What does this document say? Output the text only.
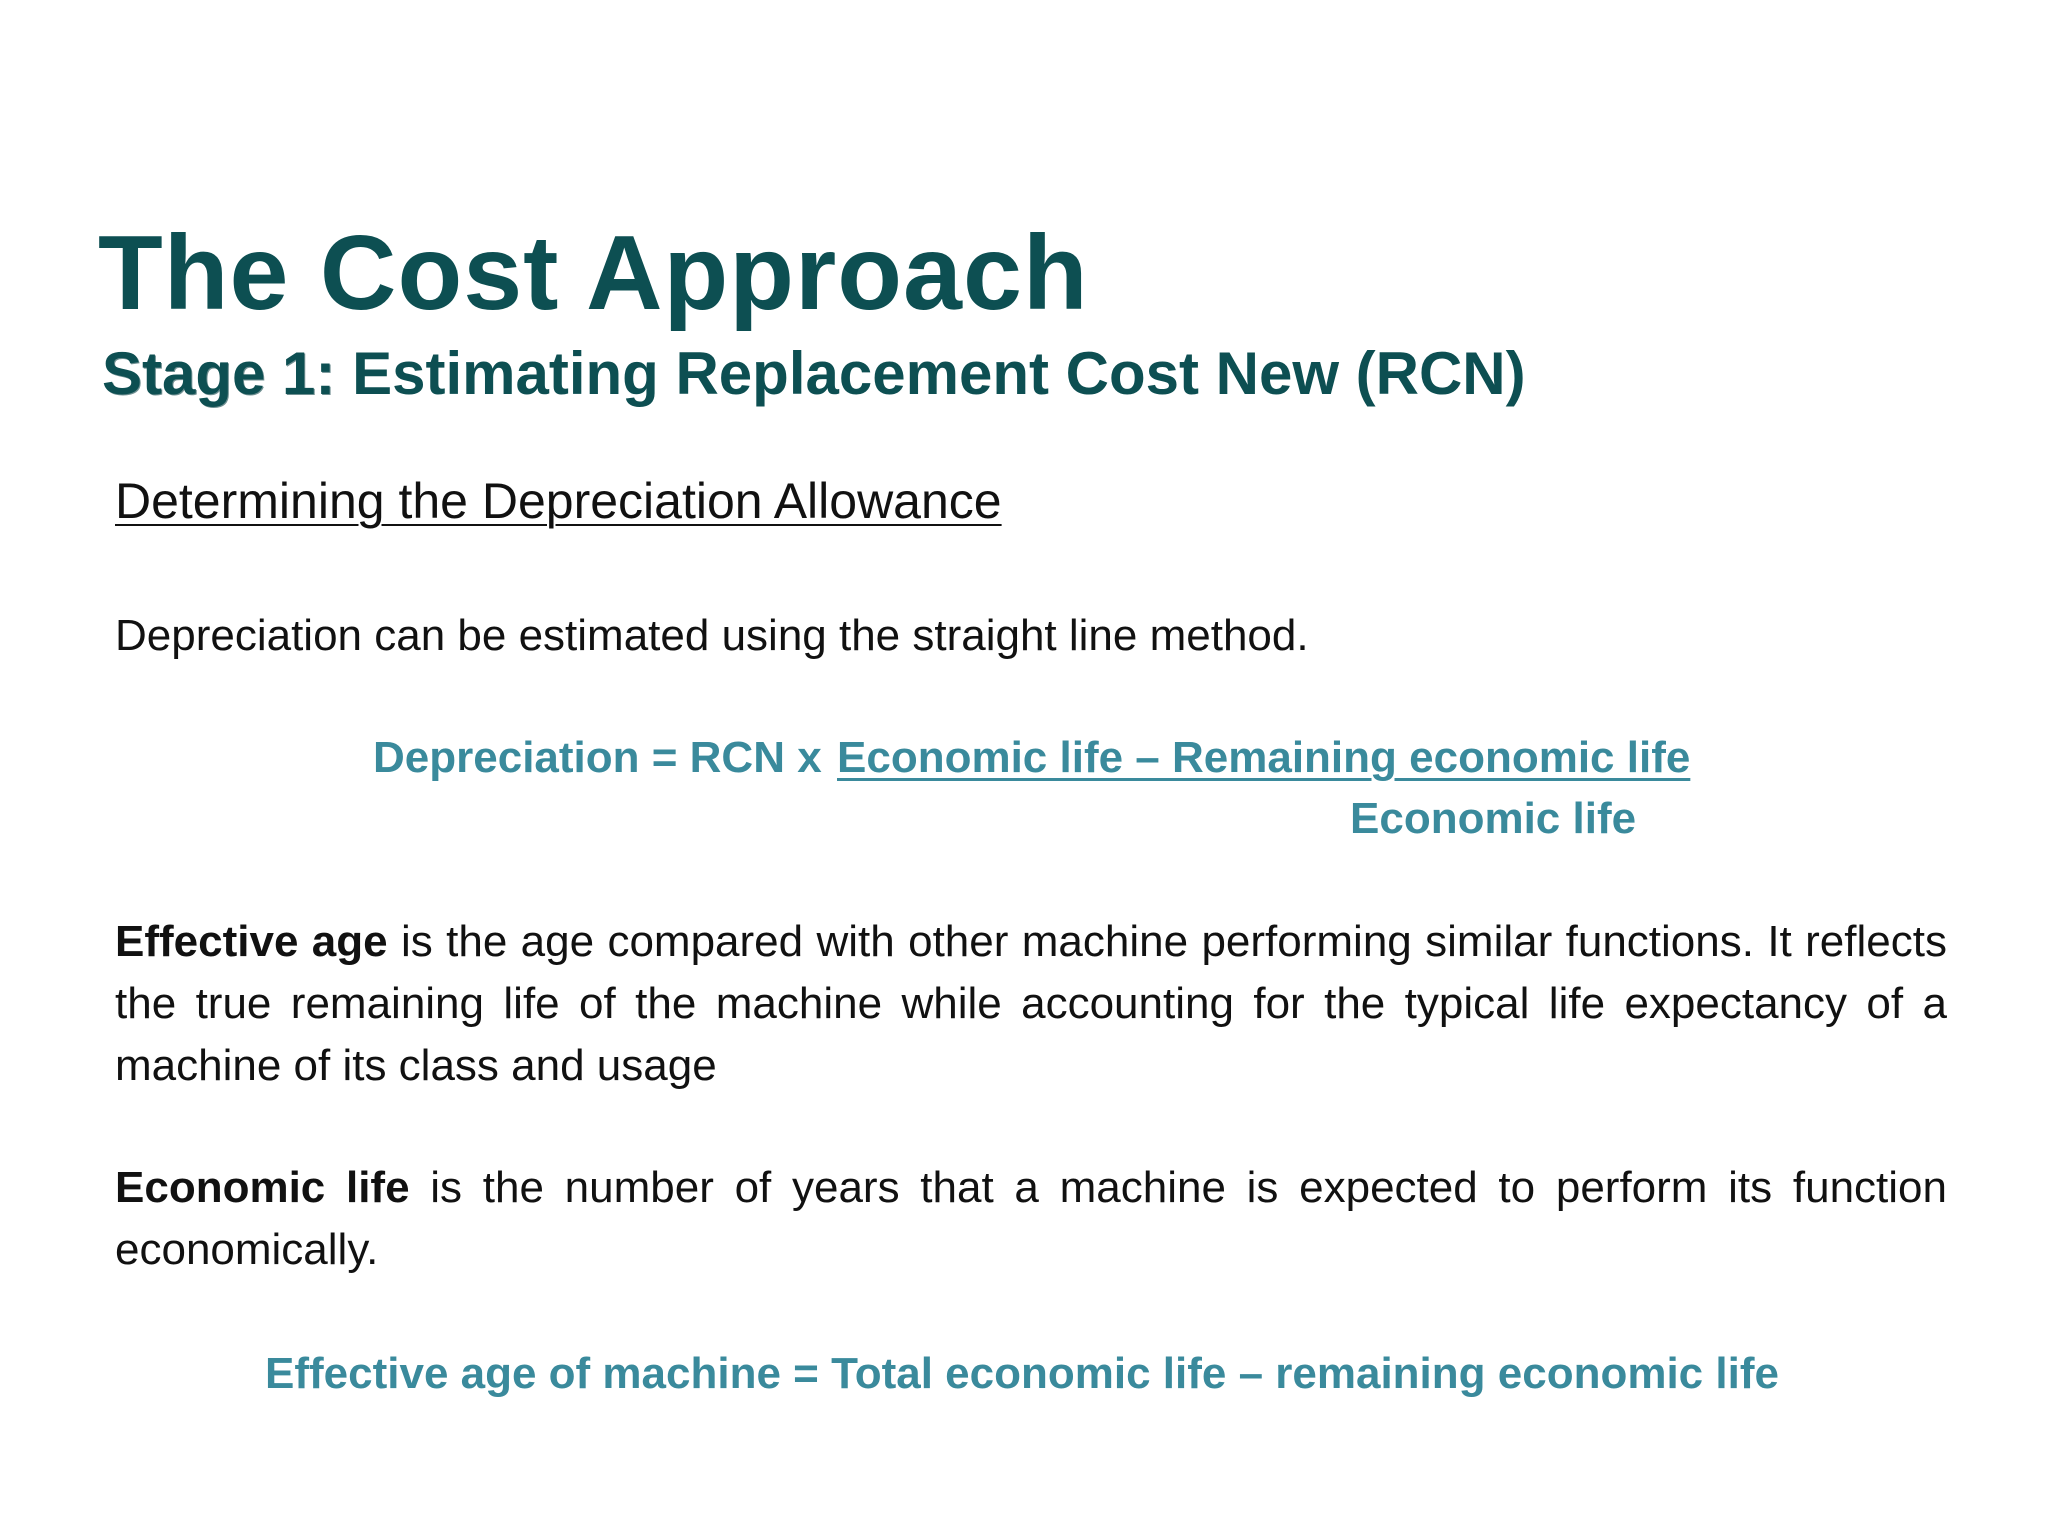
The Cost Approach
Stage 1: Estimating Replacement Cost New (RCN)
Determining the Depreciation Allowance
Depreciation can be estimated using the straight line method.
Depreciation = RCN x Economic life – Remaining economic life
Economic life
Effective age is the age compared with other machine performing similar functions. It reflects the true remaining life of the machine while accounting for the typical life expectancy of a machine of its class and usage
Economic life is the number of years that a machine is expected to perform its function economically.
Effective age of machine = Total economic life – remaining economic life
